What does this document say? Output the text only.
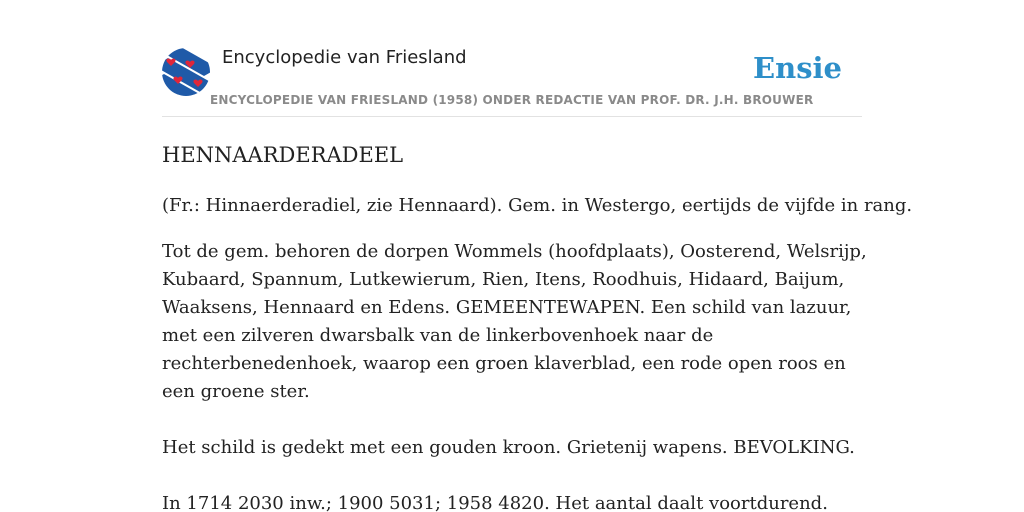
Encyclopedie van Friesland
ENCYCLOPEDIE VAN FRIESLAND (1958) ONDER REDACTIE VAN PROF. DR. J.H. BROUWER
Ensie
HENNAARDERADEEL

(Fr.: Hinnaerderadiel, zie Hennaard). Gem. in Westergo, eertijds de vijfde in rang.

Tot de gem. behoren de dorpen Wommels (hoofdplaats), Oosterend, Welsrijp, Kubaard, Spannum, Lutkewierum, Rien, Itens, Roodhuis, Hidaard, Baijum, Waaksens, Hennaard en Edens. GEMEENTEWAPEN. Een schild van lazuur, met een zilveren dwarsbalk van de linkerbovenhoek naar de rechterbenedenhoek, waarop een groen klaverblad, een rode open roos en een groene ster.

Het schild is gedekt met een gouden kroon. Grietenij wapens. BEVOLKING.

In 1714 2030 inw.; 1900 5031; 1958 4820. Het aantal daalt voortdurend.
